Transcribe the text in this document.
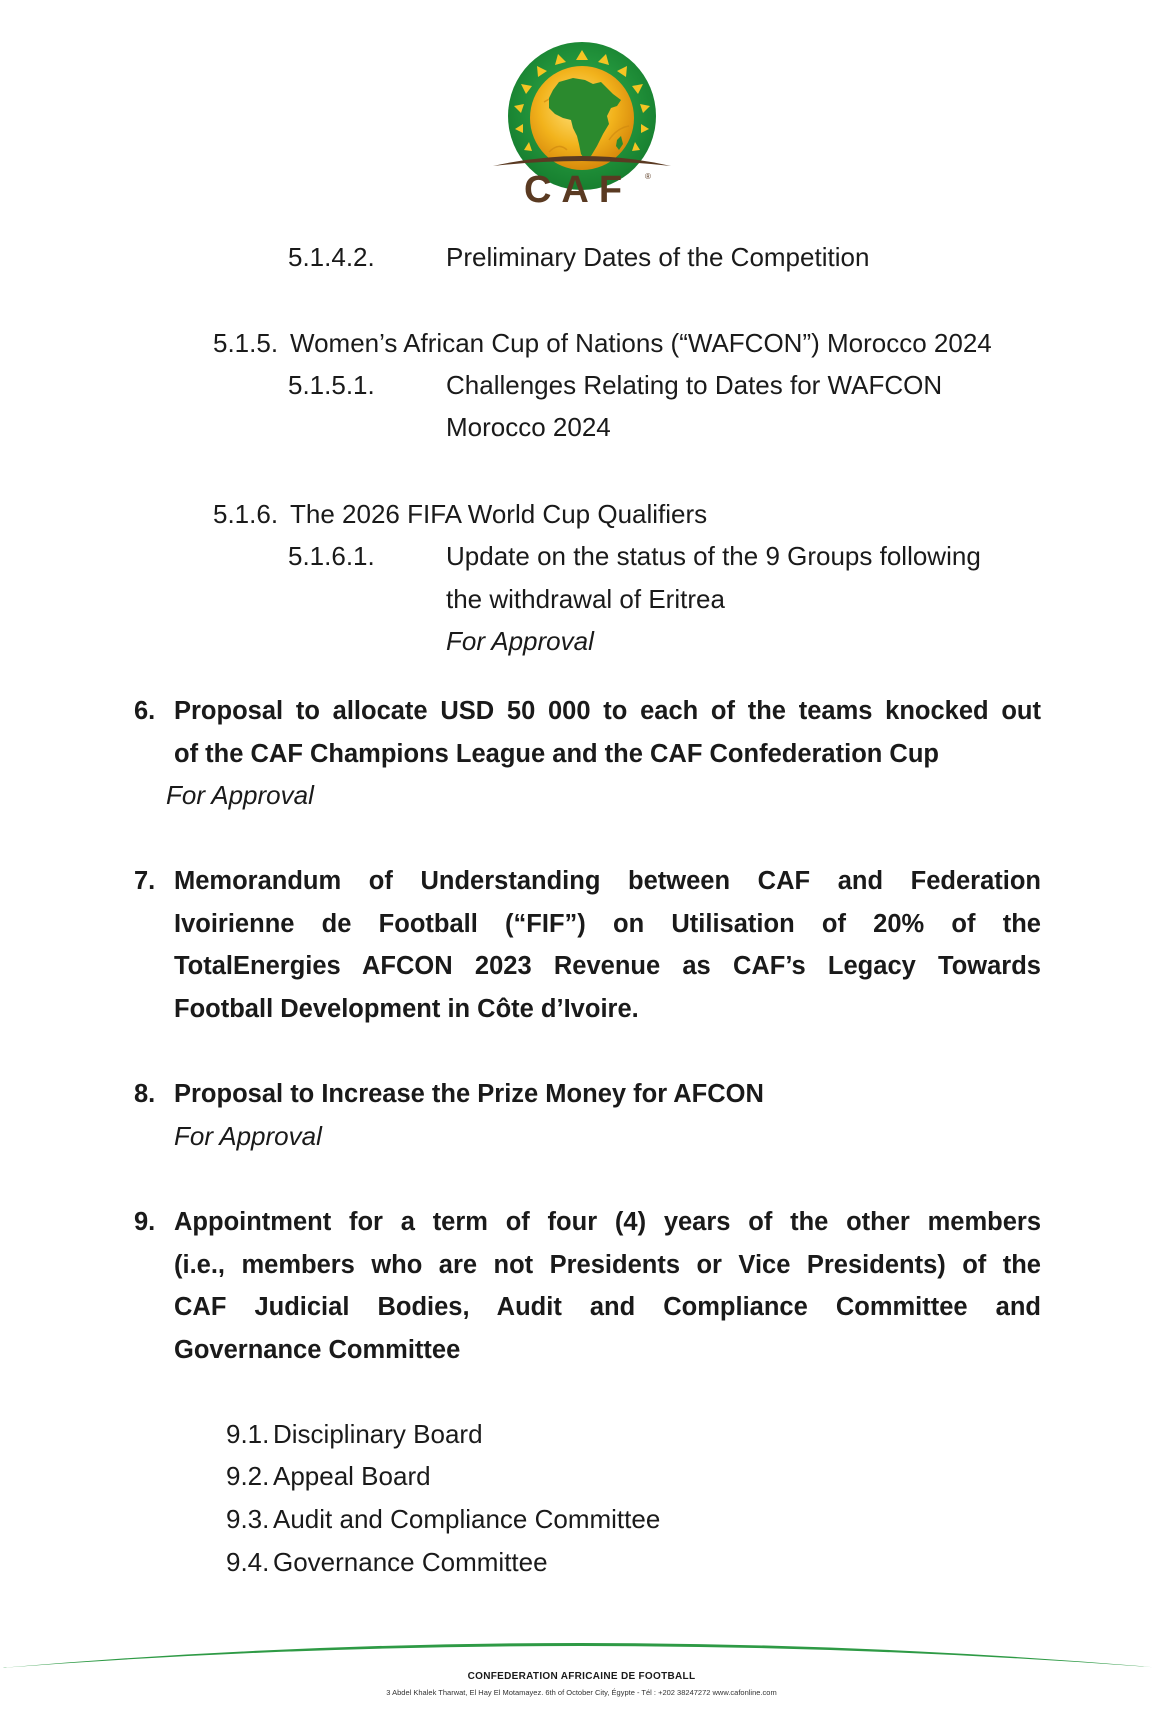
CAF ®
5.1.4.2.	Preliminary Dates of the Competition
5.1.5. Women’s African Cup of Nations (“WAFCON”) Morocco 2024
5.1.5.1.	Challenges Relating to Dates for WAFCON
Morocco 2024
5.1.6. The 2026 FIFA World Cup Qualifiers
5.1.6.1.	Update on the status of the 9 Groups following
the withdrawal of Eritrea
For Approval
6. Proposal to allocate USD 50 000 to each of the teams knocked out
of the CAF Champions League and the CAF Confederation Cup
For Approval
7. Memorandum of Understanding between CAF and Federation
Ivoirienne de Football (“FIF”) on Utilisation of 20% of the
TotalEnergies AFCON 2023 Revenue as CAF’s Legacy Towards
Football Development in Côte d’Ivoire.
8. Proposal to Increase the Prize Money for AFCON
For Approval
9. Appointment for a term of four (4) years of the other members
(i.e., members who are not Presidents or Vice Presidents) of the
CAF Judicial Bodies, Audit and Compliance Committee and
Governance Committee
9.1. Disciplinary Board
9.2. Appeal Board
9.3. Audit and Compliance Committee
9.4. Governance Committee
CONFEDERATION AFRICAINE DE FOOTBALL
3 Abdel Khalek Tharwat, El Hay El Motamayez. 6th of October City, Égypte - Tél : +202 38247272 www.cafonline.com
